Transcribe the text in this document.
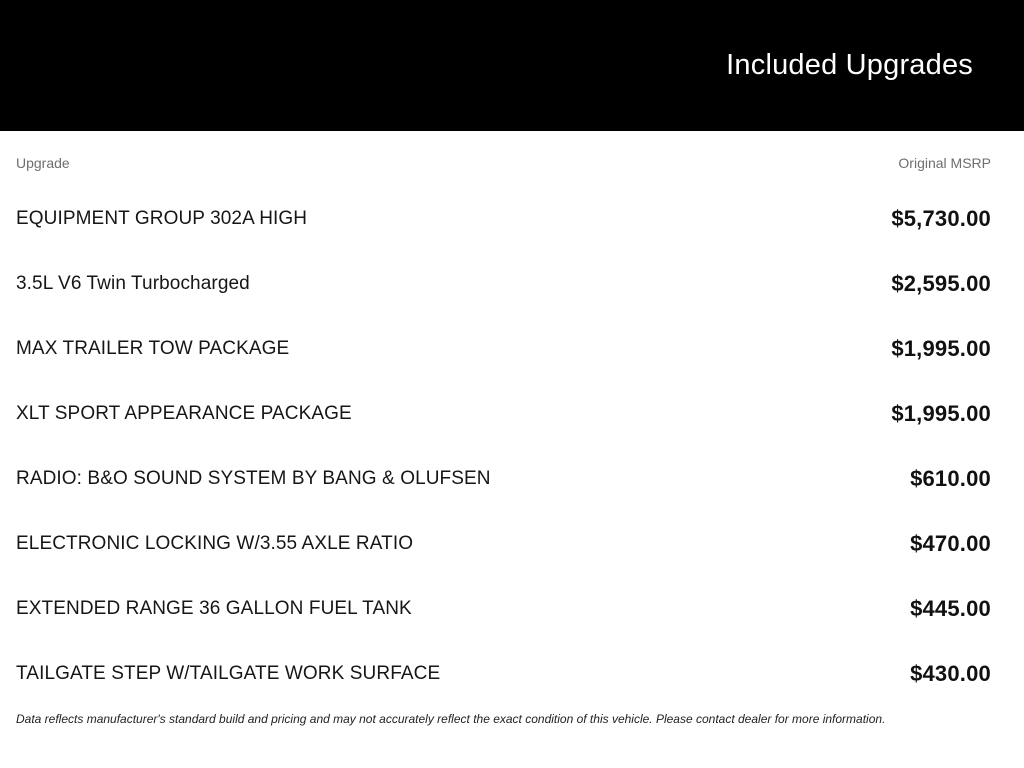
Included Upgrades
Upgrade	Original MSRP
EQUIPMENT GROUP 302A HIGH	$5,730.00
3.5L V6 Twin Turbocharged	$2,595.00
MAX TRAILER TOW PACKAGE	$1,995.00
XLT SPORT APPEARANCE PACKAGE	$1,995.00
RADIO: B&O SOUND SYSTEM BY BANG & OLUFSEN	$610.00
ELECTRONIC LOCKING W/3.55 AXLE RATIO	$470.00
EXTENDED RANGE 36 GALLON FUEL TANK	$445.00
TAILGATE STEP W/TAILGATE WORK SURFACE	$430.00

Data reflects manufacturer's standard build and pricing and may not accurately reflect the exact condition of this vehicle. Please contact dealer for more information.
